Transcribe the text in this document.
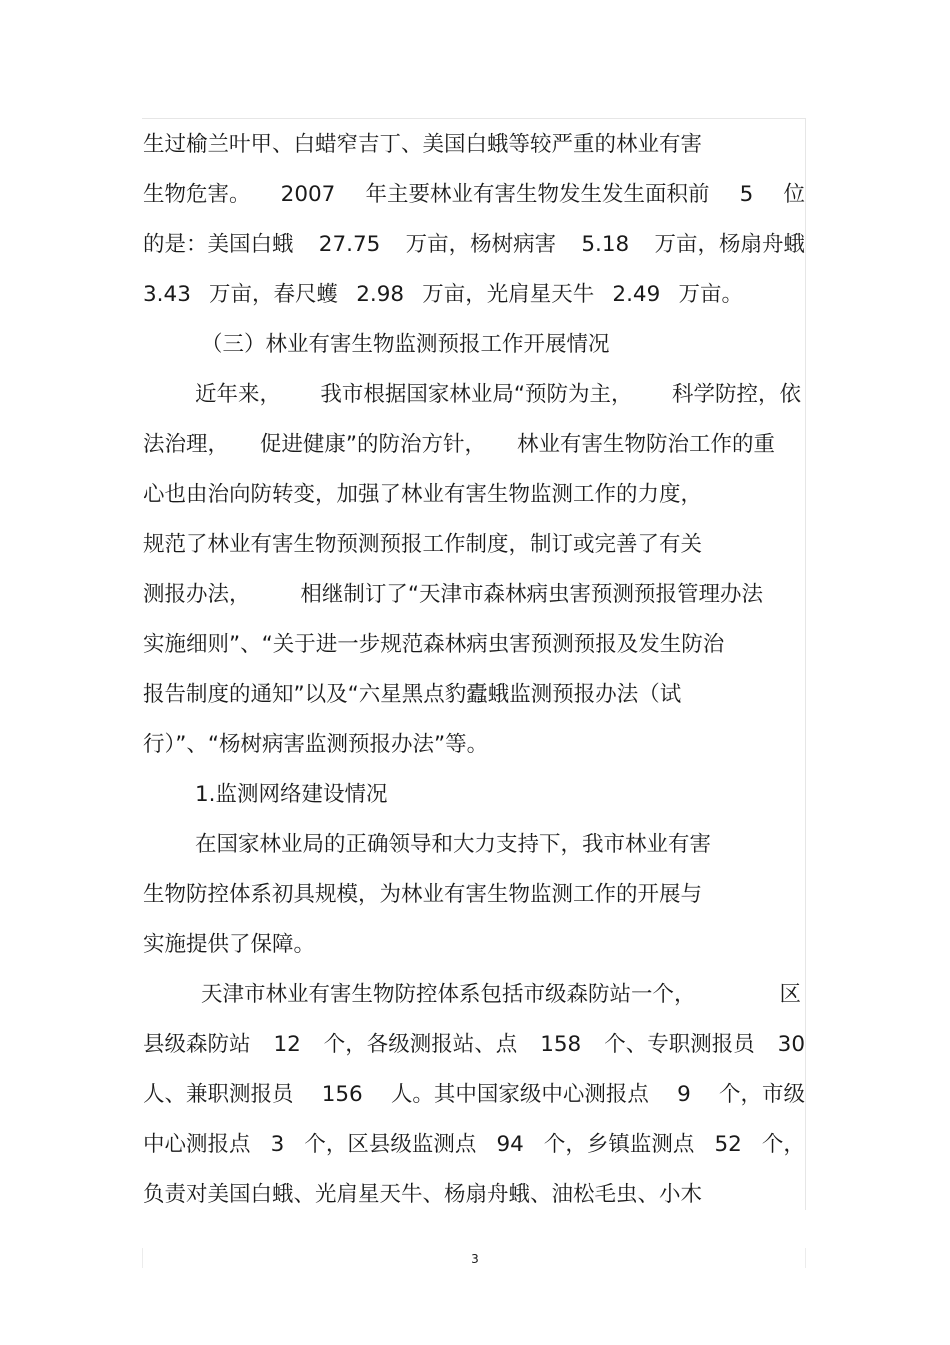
生过榆兰叶甲、白蜡窄吉丁、美国白蛾等较严重的林业有害
生物危害。 2007 年主要林业有害生物发生发生面积前 5 位
的是：美国白蛾 27.75 万亩，杨树病害 5.18 万亩，杨扇舟蛾
3.43 万亩，春尺蠖 2.98 万亩，光肩星天牛 2.49 万亩。
（三）林业有害生物监测预报工作开展情况
近年来， 我市根据国家林业局“预防为主， 科学防控，依
法治理， 促进健康”的防治方针， 林业有害生物防治工作的重
心也由治向防转变，加强了林业有害生物监测工作的力度，
规范了林业有害生物预测预报工作制度，制订或完善了有关
测报办法， 相继制订了“天津市森林病虫害预测预报管理办法
实施细则”、“关于进一步规范森林病虫害预测预报及发生防治
报告制度的通知”以及“六星黑点豹蠹蛾监测预报办法（试
行）”、“杨树病害监测预报办法”等。
1.监测网络建设情况
在国家林业局的正确领导和大力支持下，我市林业有害
生物防控体系初具规模，为林业有害生物监测工作的开展与
实施提供了保障。
天津市林业有害生物防控体系包括市级森防站一个，	区
县级森防站 12 个，各级测报站、点 158 个、专职测报员 30
人、兼职测报员 156 人。其中国家级中心测报点 9 个，市级
中心测报点 3 个，区县级监测点 94 个，乡镇监测点 52 个，
负责对美国白蛾、光肩星天牛、杨扇舟蛾、油松毛虫、小木
3
